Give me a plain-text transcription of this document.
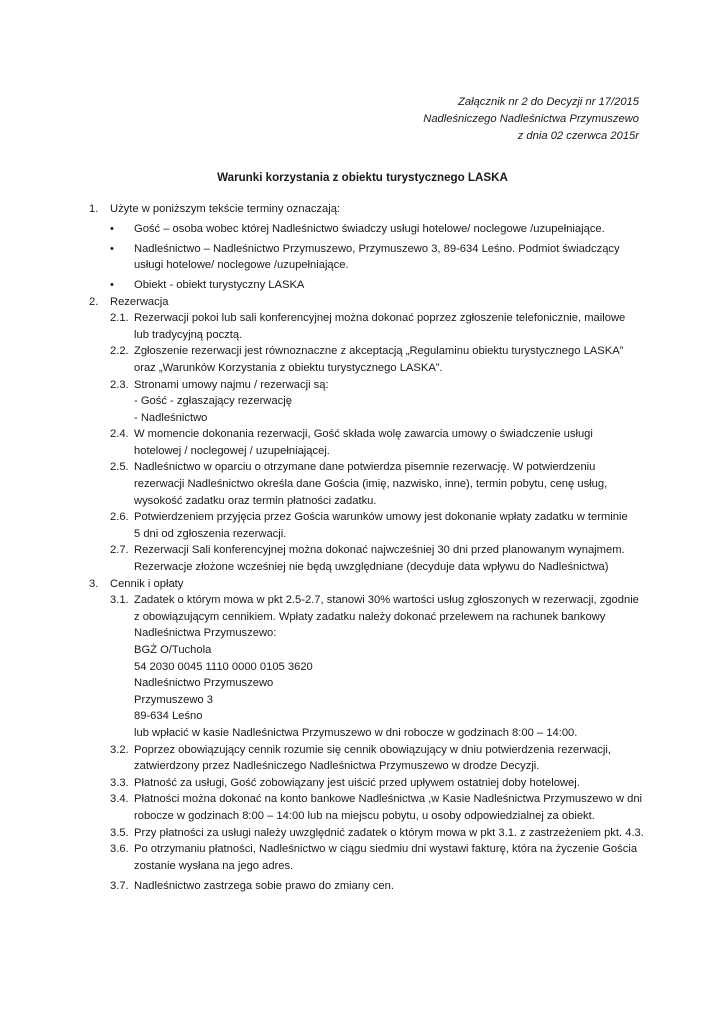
Załącznik nr 2 do Decyzji nr 17/2015
Nadleśniczego Nadleśnictwa Przymuszewo
z dnia 02 czerwca 2015r
Warunki korzystania z obiektu turystycznego LASKA
1. Użyte w poniższym tekście terminy oznaczają:
• Gość – osoba wobec której Nadleśnictwo świadczy usługi hotelowe/ noclegowe /uzupełniające.
• Nadleśnictwo – Nadleśnictwo Przymuszewo, Przymuszewo 3, 89-634 Leśno. Podmiot świadczący
usługi hotelowe/ noclegowe /uzupełniające.
• Obiekt - obiekt turystyczny LASKA
2. Rezerwacja
2.1. Rezerwacji pokoi lub sali konferencyjnej można dokonać poprzez zgłoszenie telefonicznie, mailowe
lub tradycyjną pocztą.
2.2. Zgłoszenie rezerwacji jest równoznaczne z akceptacją „Regulaminu obiektu turystycznego LASKA”
oraz „Warunków Korzystania z obiektu turystycznego LASKA”.
2.3. Stronami umowy najmu / rezerwacji są:
- Gość - zgłaszający rezerwację
- Nadleśnictwo
2.4. W momencie dokonania rezerwacji, Gość składa wolę zawarcia umowy o świadczenie usługi
hotelowej / noclegowej / uzupełniającej.
2.5. Nadleśnictwo w oparciu o otrzymane dane potwierdza pisemnie rezerwację. W potwierdzeniu
rezerwacji Nadleśnictwo określa dane Gościa (imię, nazwisko, inne), termin pobytu, cenę usług,
wysokość zadatku oraz termin płatności zadatku.
2.6. Potwierdzeniem przyjęcia przez Gościa warunków umowy jest dokonanie wpłaty zadatku w terminie
5 dni od zgłoszenia rezerwacji.
2.7. Rezerwacji Sali konferencyjnej można dokonać najwcześniej 30 dni przed planowanym wynajmem.
Rezerwacje złożone wcześniej nie będą uwzględniane (decyduje data wpływu do Nadleśnictwa)
3. Cennik i opłaty
3.1. Zadatek o którym mowa w pkt 2.5-2.7, stanowi 30% wartości usług zgłoszonych w rezerwacji, zgodnie
z obowiązującym cennikiem. Wpłaty zadatku należy dokonać przelewem na rachunek bankowy
Nadleśnictwa Przymuszewo:
BGŻ O/Tuchola
54 2030 0045 1110 0000 0105 3620
Nadleśnictwo Przymuszewo
Przymuszewo 3
89-634 Leśno
lub wpłacić w kasie Nadleśnictwa Przymuszewo w dni robocze w godzinach 8:00 – 14:00.
3.2. Poprzez obowiązujący cennik rozumie się cennik obowiązujący w dniu potwierdzenia rezerwacji,
zatwierdzony przez Nadleśniczego Nadleśnictwa Przymuszewo w drodze Decyzji.
3.3. Płatność za usługi, Gość zobowiązany jest uiścić przed upływem ostatniej doby hotelowej.
3.4. Płatności można dokonać na konto bankowe Nadleśnictwa ,w Kasie Nadleśnictwa Przymuszewo w dni
robocze w godzinach 8:00 – 14:00 lub na miejscu pobytu, u osoby odpowiedzialnej za obiekt.
3.5. Przy płatności za usługi należy uwzględnić zadatek o którym mowa w pkt 3.1. z zastrzeżeniem pkt. 4.3.
3.6. Po otrzymaniu płatności, Nadleśnictwo w ciągu siedmiu dni wystawi fakturę, która na życzenie Gościa
zostanie wysłana na jego adres.
3.7. Nadleśnictwo zastrzega sobie prawo do zmiany cen.
